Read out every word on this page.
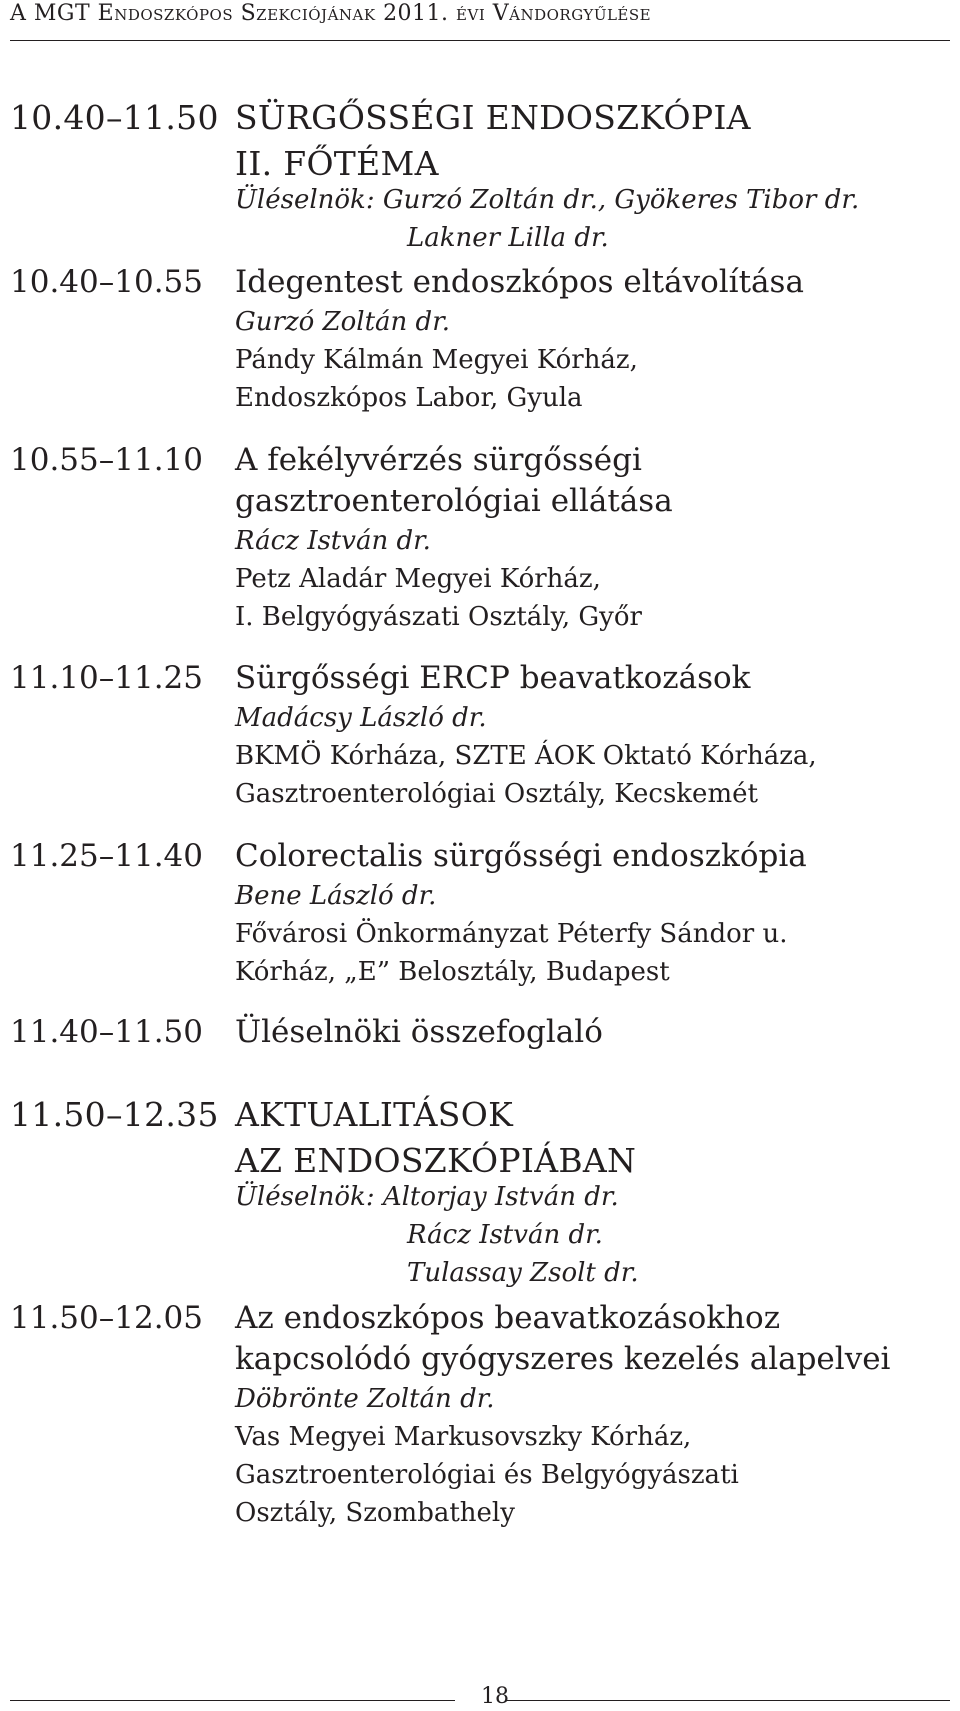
A MGT Endoszkópos Szekciójának 2011. évi Vándorgyűlése
10.40–11.50 SÜRGŐSSÉGI ENDOSZKÓPIA
II. FŐTÉMA
Üléselnök: Gurzó Zoltán dr., Gyökeres Tibor dr.
Lakner Lilla dr.
10.40–10.55	Idegentest endoszkópos eltávolítása
Gurzó Zoltán dr.
Pándy Kálmán Megyei Kórház,
Endoszkópos Labor, Gyula
10.55–11.10	A fekélyvérzés sürgősségi
gasztroenterológiai ellátása
Rácz István dr.
Petz Aladár Megyei Kórház,
I. Belgyógyászati Osztály, Győr
11.10–11.25	Sürgősségi ERCP beavatkozások
Madácsy László dr.
BKMÖ Kórháza, SZTE ÁOK Oktató Kórháza,
Gasztroenterológiai Osztály, Kecskemét
11.25–11.40	Colorectalis sürgősségi endoszkópia
Bene László dr.
Fővárosi Önkormányzat Péterfy Sándor u.
Kórház, „E” Belosztály, Budapest
11.40–11.50	Üléselnöki összefoglaló
11.50–12.35 AKTUALITÁSOK
AZ ENDOSZKÓPIÁBAN
Üléselnök: Altorjay István dr.
Rácz István dr.
Tulassay Zsolt dr.
11.50–12.05	Az endoszkópos beavatkozásokhoz
kapcsolódó gyógyszeres kezelés alapelvei
Döbrönte Zoltán dr.
Vas Megyei Markusovszky Kórház,
Gasztroenterológiai és Belgyógyászati
Osztály, Szombathely
18
